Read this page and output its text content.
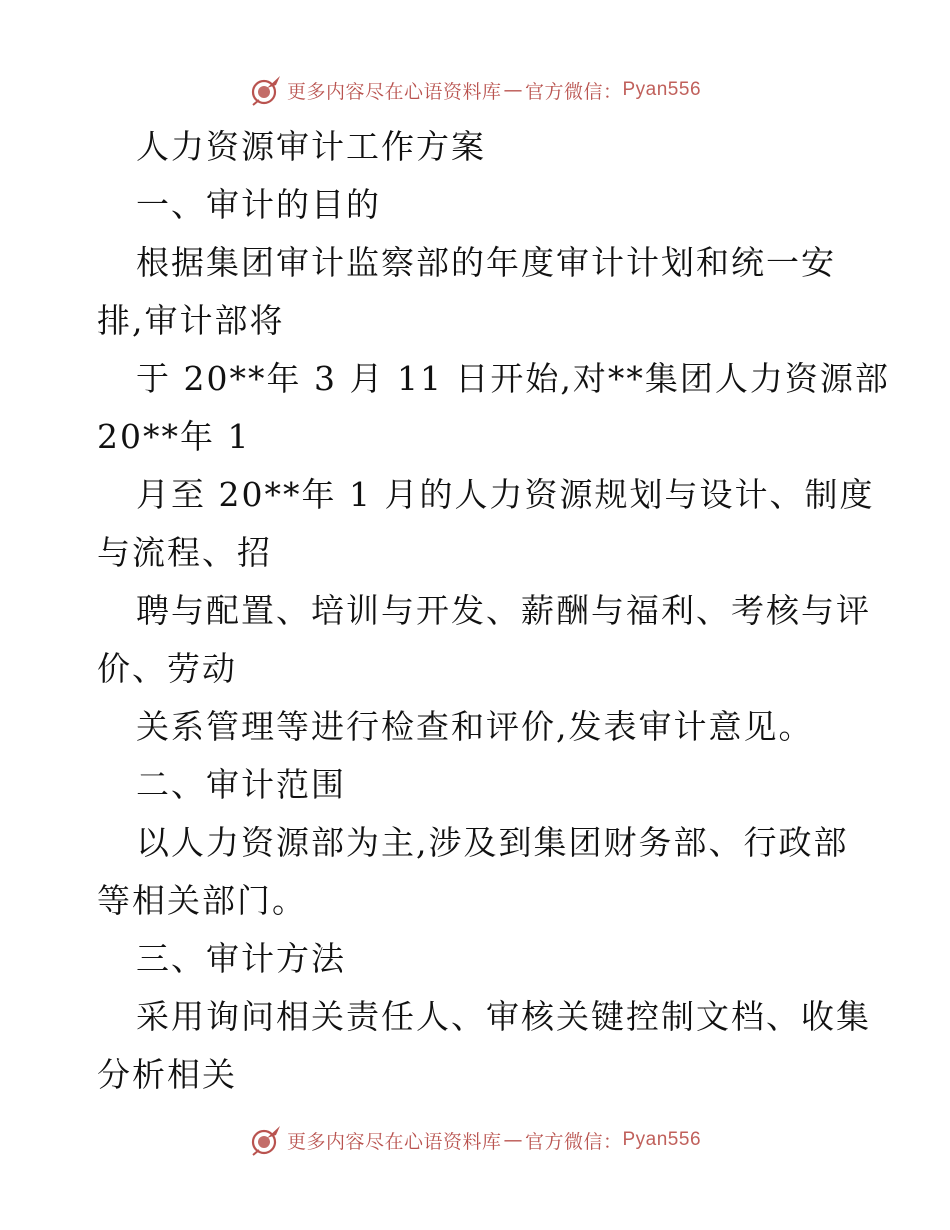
更多内容尽在心语资料库 — 官方微信： Pyan556
人力资源审计工作方案
一、审计的目的
根据集团审计监察部的年度审计计划和统一安
排,审计部将
于 20**年 3 月 11 日开始,对**集团人力资源部
20**年 1
月至 20**年 1 月的人力资源规划与设计、制度
与流程、招
聘与配置、培训与开发、薪酬与福利、考核与评
价、劳动
关系管理等进行检查和评价,发表审计意见。
二、审计范围
以人力资源部为主,涉及到集团财务部、行政部
等相关部门。
三、审计方法
采用询问相关责任人、审核关键控制文档、收集
分析相关
更多内容尽在心语资料库 — 官方微信： Pyan556
